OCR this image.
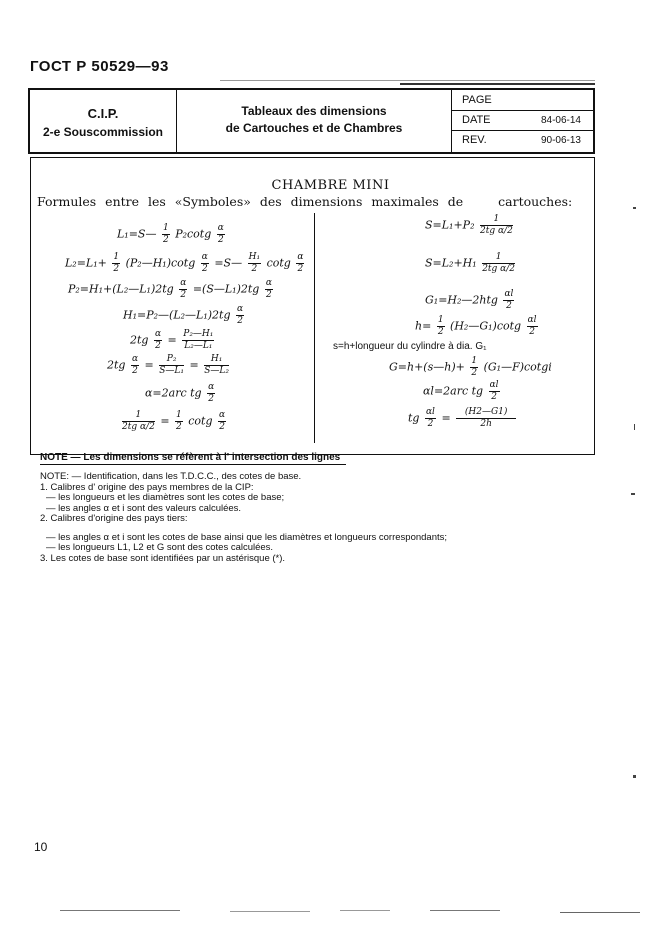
ГОСТ Р 50529—93
C.I.P.
2-e Souscommission
Tableaux des dimensions
de Cartouches et de Chambres
PAGE
DATE	84-06-14
REV.	90-06-13
CHAMBRE MINI
Formules entre les «Symboles» des dimensions maximales de	cartouches:
L₁=S— $\frac{1}{2} P_2\cot g \frac{\alpha}{2}$
$L_2=L_1+ \frac{1}{2}$ (P₂—H₁)cotg $\frac{\alpha}{2}$ =S— $\frac{\text{H₁}}{2}$ cotg $\frac{\alpha}{2}$
P₂=H₁+(L₂—L₁)2tg $\frac{\alpha}{2}$ =(S—L₁)2tg $\frac{\alpha}{2}$
H₁=P₂—(L₂—L₁)2tg $\frac{\alpha}{2}$
$2tg \frac{\alpha}{2} = \frac{\text{P₂—H₁}}{\text{L₂—L₁}}$
$2tg \frac{\alpha}{2} = \frac{\text{P₂}}{\text{S—L₁}} = \frac{\text{H₁}}{\text{S—L₂}}$
α=2arc tg $\frac{\alpha}{2}$
$\frac{1}{\text{2tg α/2}} = \frac{1}{2}$ cotg $\frac{\alpha}{2}$
$S=L_1+P_2 \frac{1}{\text{2tg α/2}}$
$S=L_2+H_1 \frac{1}{\text{2tg α/2}}$
G₁=H₂—2htg $\frac{\alpha l}{2}$
$h= \frac{1}{2}$ (H₂—G₁)cotg $\frac{\alpha l}{2}$
s=h+longueur du cylindre à dia. G₁
G=h+(s—h)+ $\frac{1}{2}$ (G₁—F)cotgi
αl=2arc tg $\frac{\alpha l}{2}$
tg $\frac{\alpha l}{2} = \frac{(H2—G1)}{2h}$
NOTE — Les dimensions se réfèrent à l' intersection des lignes
NOTE: — Identification, dans les T.D.C.C., des cotes de base.
1. Calibres d' origine des pays membres de la CIP:
— les longueurs et les diamètres sont les cotes de base;
— les angles α et i sont des valeurs calculées.
2. Calibres d'origine des pays tiers:
— les angles α et i sont les cotes de base ainsi que les diamètres et longueurs correspondants;
— les longueurs L1, L2 et G sont des cotes calculées.
3. Les cotes de base sont identifiées par un astérisque (*).
10
